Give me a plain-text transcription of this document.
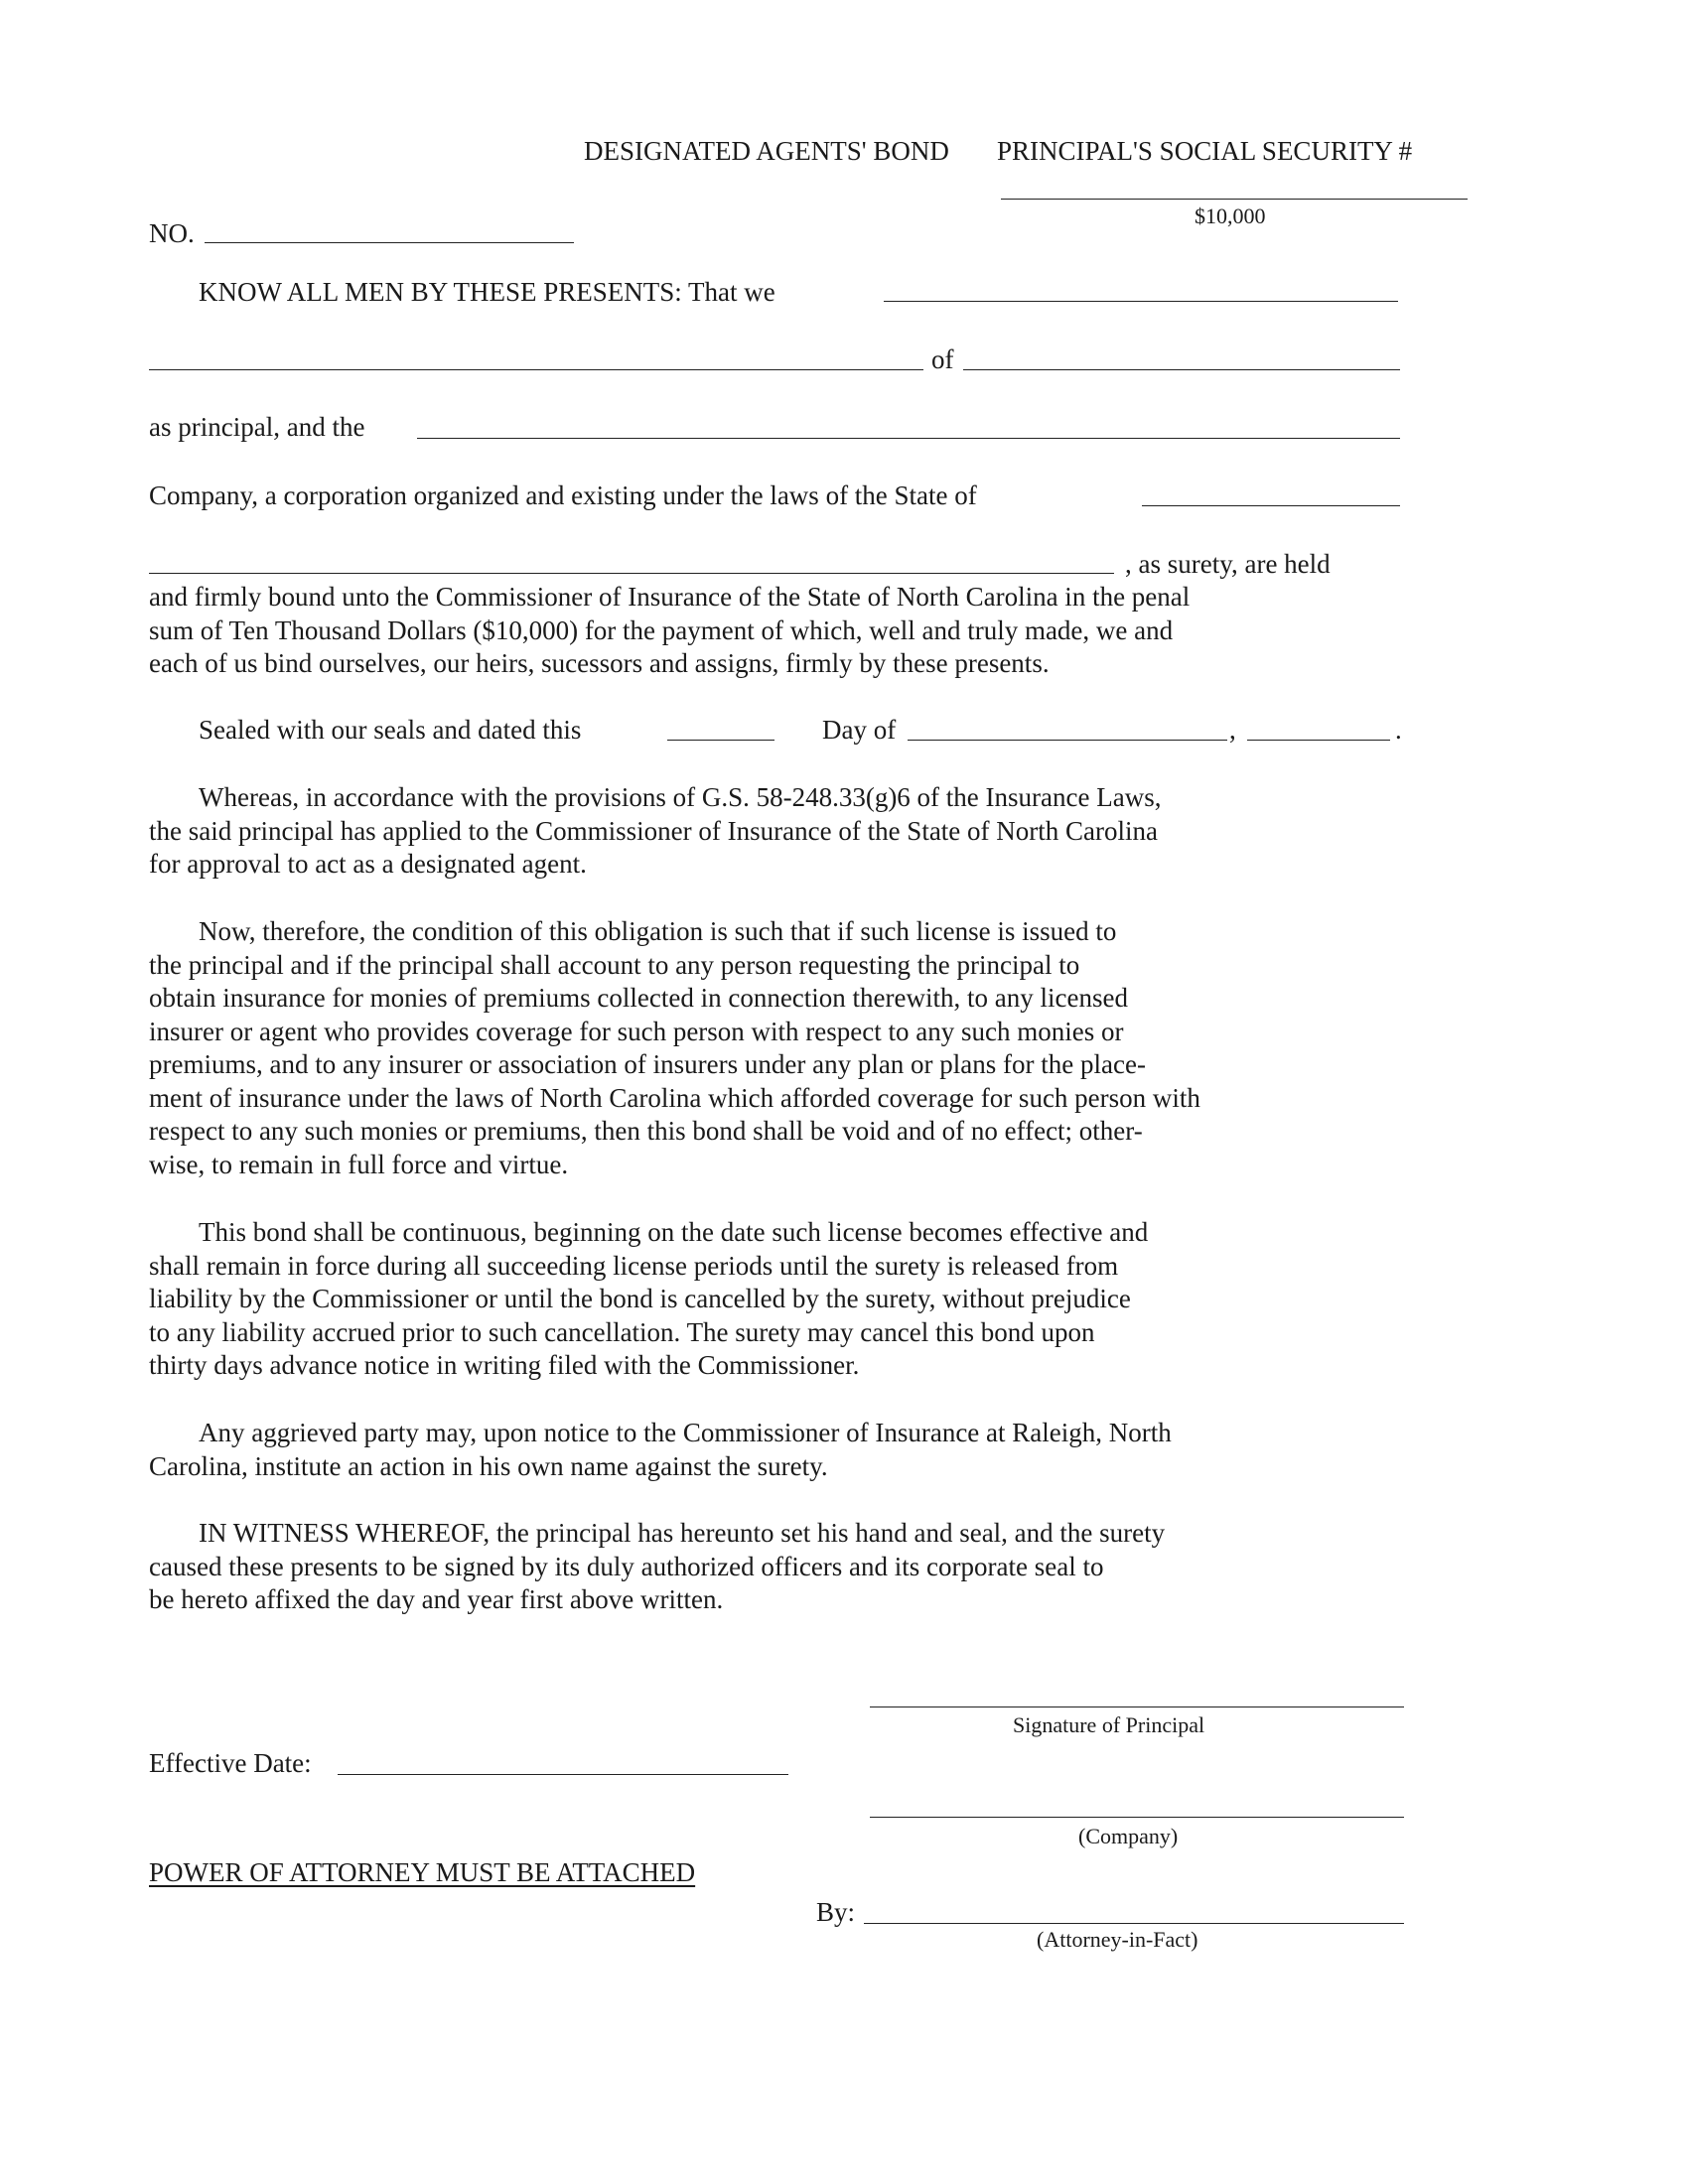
DESIGNATED AGENTS' BOND PRINCIPAL'S SOCIAL SECURITY #
$10,000
NO.
KNOW ALL MEN BY THESE PRESENTS: That we
of
as principal, and the
Company, a corporation organized and existing under the laws of the State of
, as surety, are held
and firmly bound unto the Commissioner of Insurance of the State of North Carolina in the penal
sum of Ten Thousand Dollars ($10,000) for the payment of which, well and truly made, we and
each of us bind ourselves, our heirs, sucessors and assigns, firmly by these presents.
Sealed with our seals and dated this	Day of	,	.
Whereas, in accordance with the provisions of G.S. 58-248.33(g)6 of the Insurance Laws,
the said principal has applied to the Commissioner of Insurance of the State of North Carolina
for approval to act as a designated agent.
Now, therefore, the condition of this obligation is such that if such license is issued to
the principal and if the principal shall account to any person requesting the principal to
obtain insurance for monies of premiums collected in connection therewith, to any licensed
insurer or agent who provides coverage for such person with respect to any such monies or
premiums, and to any insurer or association of insurers under any plan or plans for the place-
ment of insurance under the laws of North Carolina which afforded coverage for such person with
respect to any such monies or premiums, then this bond shall be void and of no effect; other-
wise, to remain in full force and virtue.
This bond shall be continuous, beginning on the date such license becomes effective and
shall remain in force during all succeeding license periods until the surety is released from
liability by the Commissioner or until the bond is cancelled by the surety, without prejudice
to any liability accrued prior to such cancellation. The surety may cancel this bond upon
thirty days advance notice in writing filed with the Commissioner.
Any aggrieved party may, upon notice to the Commissioner of Insurance at Raleigh, North
Carolina, institute an action in his own name against the surety.
IN WITNESS WHEREOF, the principal has hereunto set his hand and seal, and the surety
caused these presents to be signed by its duly authorized officers and its corporate seal to
be hereto affixed the day and year first above written.
Signature of Principal
Effective Date:
(Company)
POWER OF ATTORNEY MUST BE ATTACHED
By:
(Attorney-in-Fact)
